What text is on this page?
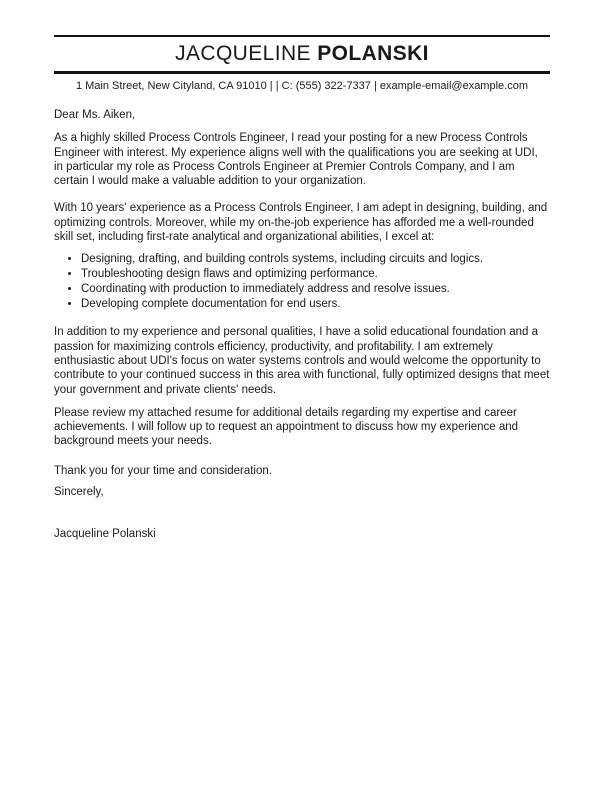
JACQUELINE POLANSKI
1 Main Street, New Cityland, CA 91010 | | C: (555) 322-7337 | example-email@example.com

Dear Ms. Aiken,

As a highly skilled Process Controls Engineer, I read your posting for a new Process Controls Engineer with interest. My experience aligns well with the qualifications you are seeking at UDI, in particular my role as Process Controls Engineer at Premier Controls Company, and I am certain I would make a valuable addition to your organization.

With 10 years' experience as a Process Controls Engineer, I am adept in designing, building, and optimizing controls. Moreover, while my on-the-job experience has afforded me a well-rounded skill set, including first-rate analytical and organizational abilities, I excel at:

• Designing, drafting, and building controls systems, including circuits and logics.
• Troubleshooting design flaws and optimizing performance.
• Coordinating with production to immediately address and resolve issues.
• Developing complete documentation for end users.

In addition to my experience and personal qualities, I have a solid educational foundation and a passion for maximizing controls efficiency, productivity, and profitability. I am extremely enthusiastic about UDI's focus on water systems controls and would welcome the opportunity to contribute to your continued success in this area with functional, fully optimized designs that meet your government and private clients' needs.

Please review my attached resume for additional details regarding my expertise and career achievements. I will follow up to request an appointment to discuss how my experience and background meets your needs.

Thank you for your time and consideration.

Sincerely,

Jacqueline Polanski
